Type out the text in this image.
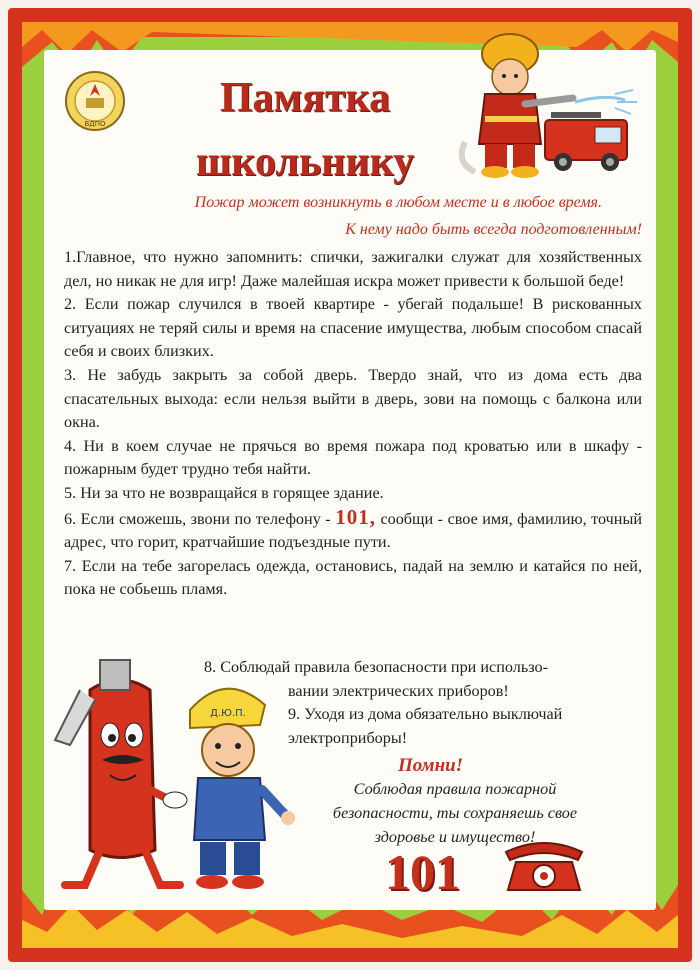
ВДПО
Памятка
школьнику
Пожар может возникнуть в любом месте и в любое время.
К нему надо быть всегда подготовленным!

1.Главное, что нужно запомнить: спички, зажигалки служат для хозяйственных дел, но никак не для игр! Даже малейшая искра может привести к большой беде!

2. Если пожар случился в твоей квартире - убегай подальше! В рискованных ситуациях не теряй силы и время на спасение имущества, любым способом спасай себя и своих близких.

3. Не забудь закрыть за собой дверь. Твердо знай, что из дома есть два спасательных выхода: если нельзя выйти в дверь, зови на помощь с балкона или окна.

4. Ни в коем случае не прячься во время пожара под кроватью или в шкафу - пожарным будет трудно тебя найти.

5. Ни за что не возвращайся в горящее здание.

6. Если сможешь, звони по телефону - 101, сообщи - свое имя, фамилию, точный адрес, что горит, кратчайшие подъездные пути.

7. Если на тебе загорелась одежда, остановись, падай на землю и катайся по ней, пока не собьешь пламя.

8. Соблюдай правила безопасности при использо-

вании электрических приборов!

9. Уходя из дома обязательно выключай

электроприборы!

Д.Ю.П.
Помни!
Соблюдая правила пожарной
безопасности, ты сохраняешь свое
здоровье и имущество!
101
